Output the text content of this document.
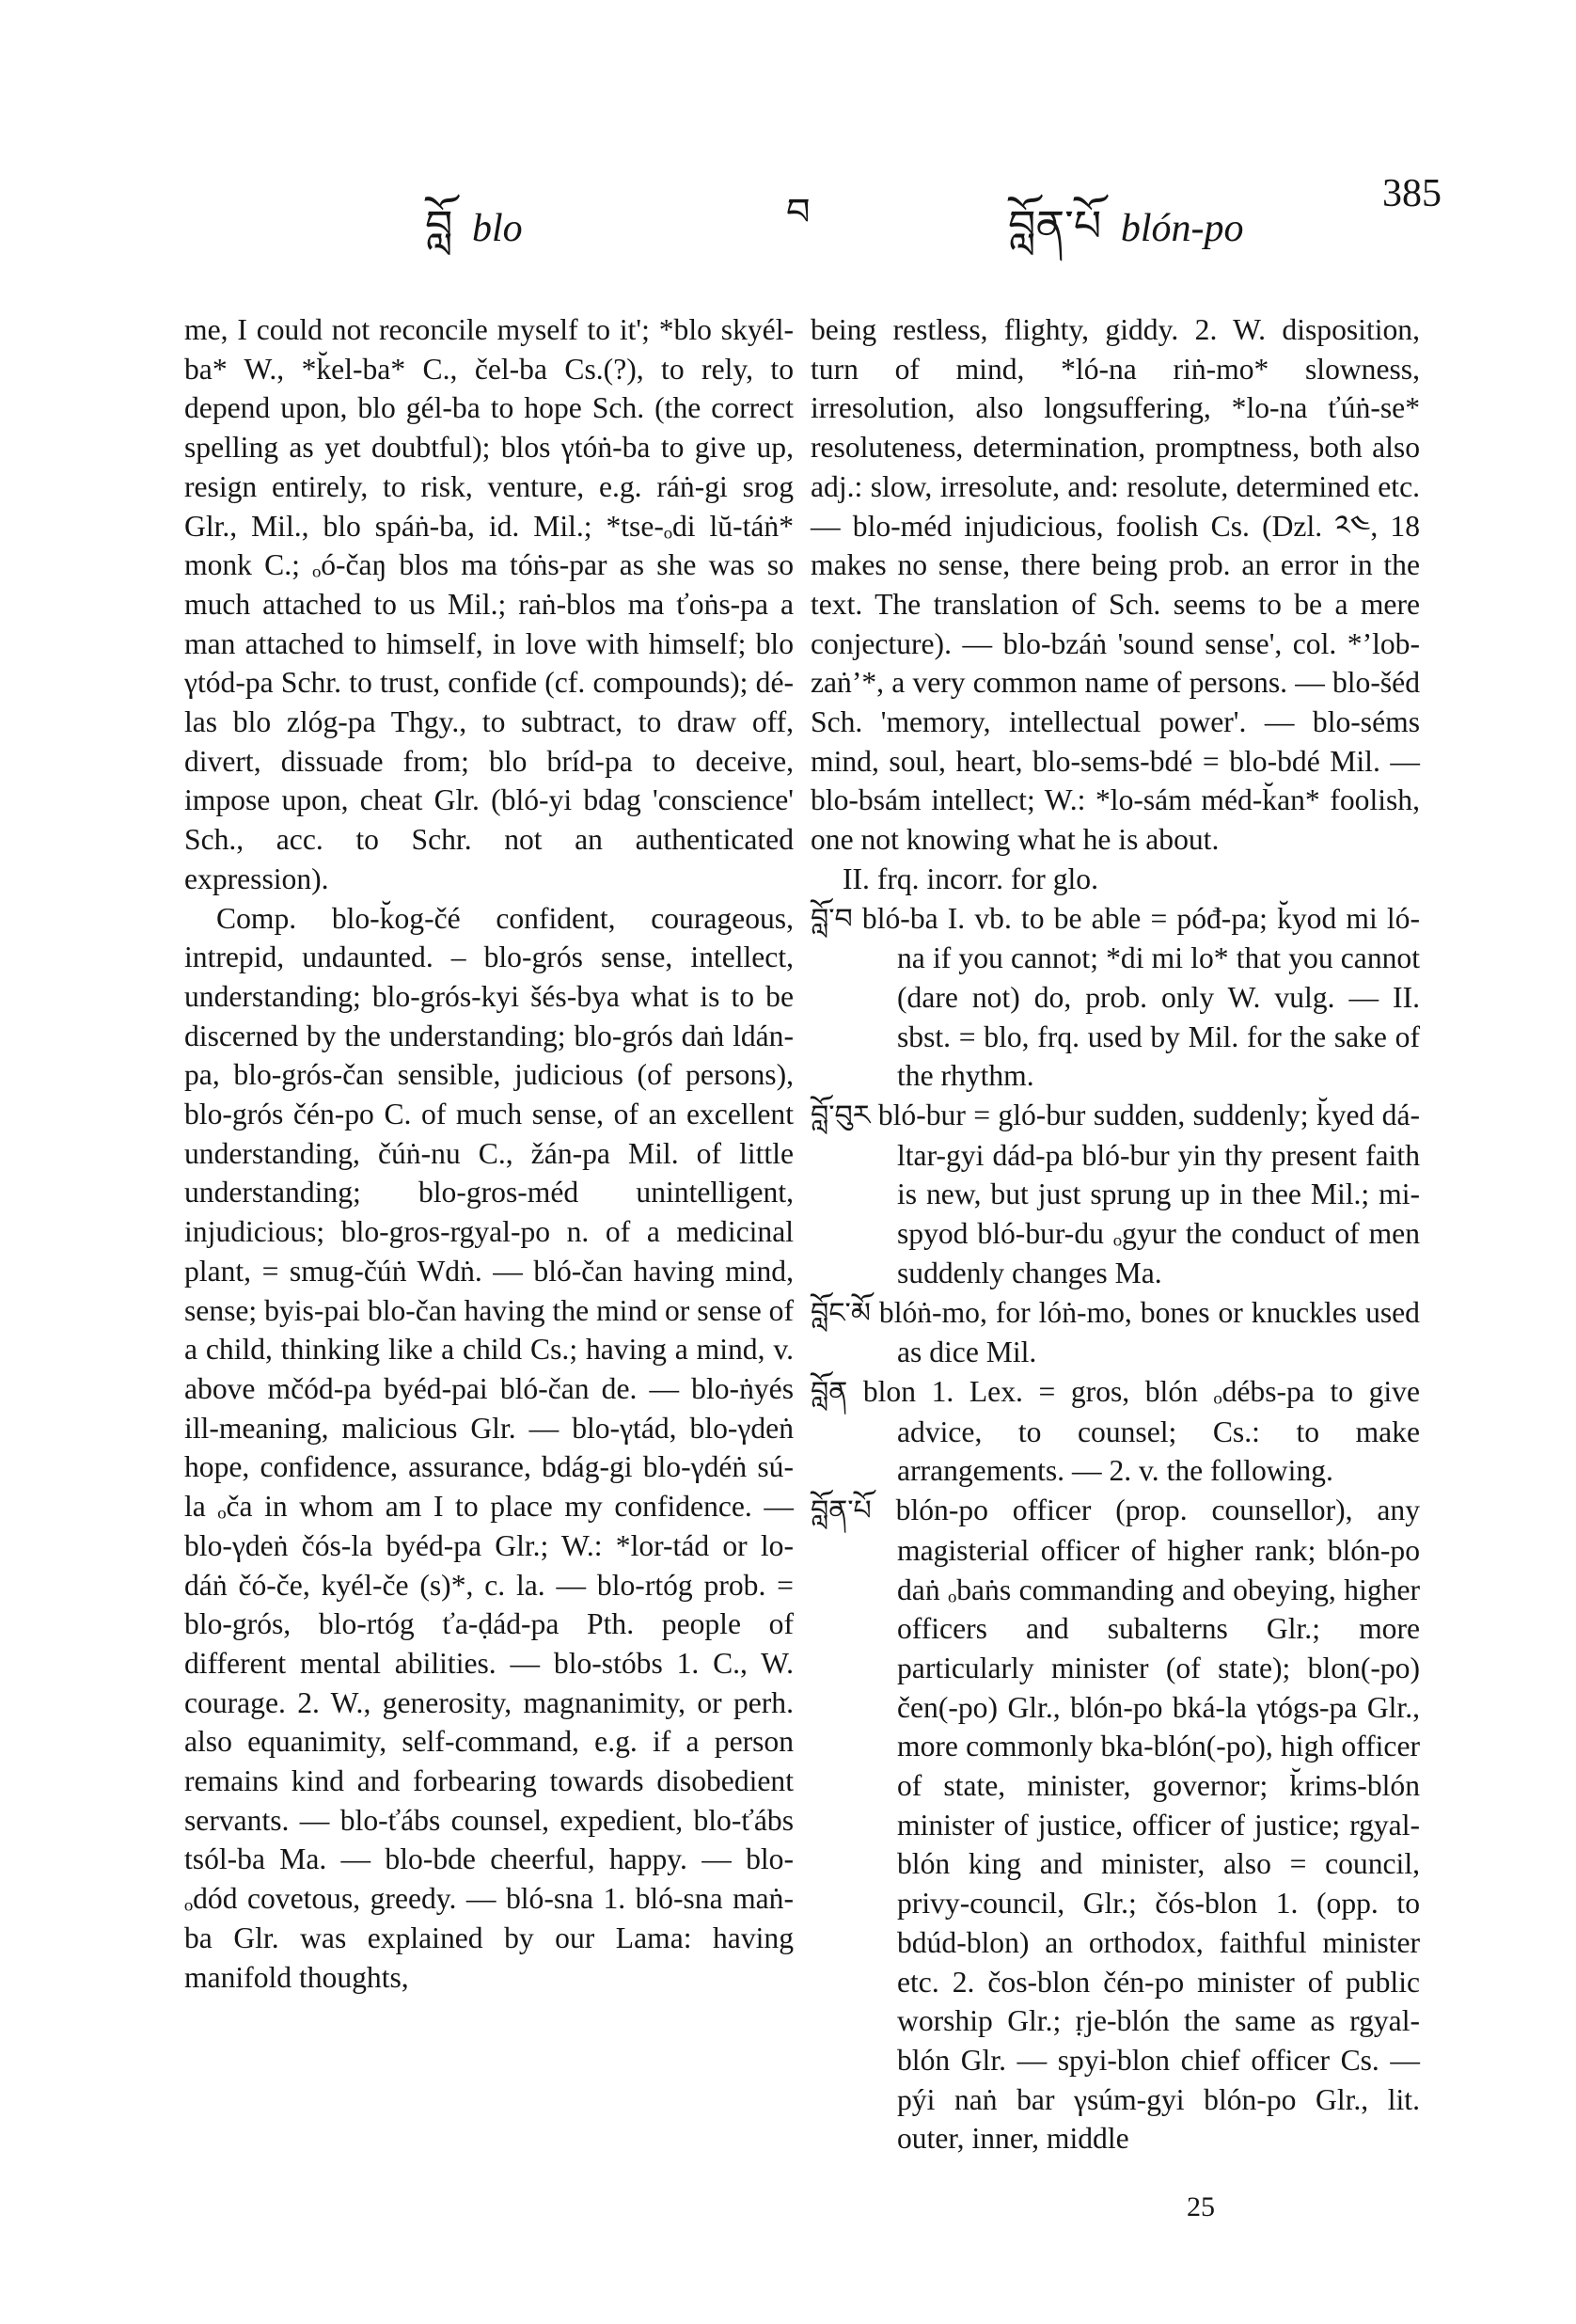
བློ blo	བ	བློན་པོ blón-po
385

me, I could not reconcile myself to it'; *blo skyél-ba* W., *k̆el-ba* C., čel-ba Cs.(?), to rely, to depend upon, blo gél-ba to hope Sch. (the correct spelling as yet doubtful); blos γtóṅ-ba to give up, resign entirely, to risk, venture, e.g. ráṅ-gi srog Glr., Mil., blo spáṅ-ba, id. Mil.; *tse-ₒdi lŭ-táṅ* monk C.; ₒó-čaŋ blos ma tóṅs-par as she was so much attached to us Mil.; raṅ-blos ma ťoṅs-pa a man attached to himself, in love with himself; blo γtód-pa Schr. to trust, confide (cf. compounds); dé-las blo zlóg-pa Thgy., to subtract, to draw off, divert, dissuade from; blo bríd-pa to deceive, impose upon, cheat Glr. (bló-yi bdag 'conscience' Sch., acc. to Schr. not an authenticated expression).

Comp. blo-k̆og-čé confident, courageous, intrepid, undaunted. – blo-grós sense, intellect, understanding; blo-grós-kyi šés-bya what is to be discerned by the understanding; blo-grós daṅ ldán-pa, blo-grós-čan sensible, judicious (of persons), blo-grós čén-po C. of much sense, of an excellent understanding, čúṅ-nu C., žán-pa Mil. of little understanding; blo-gros-méd unintelligent, injudicious; blo-gros-rgyal-po n. of a medicinal plant, = smug-čúṅ Wdṅ. — bló-čan having mind, sense; byis-pai blo-čan having the mind or sense of a child, thinking like a child Cs.; having a mind, v. above mčód-pa byéd-pai bló-čan de. — blo-ṅyés ill-meaning, malicious Glr. — blo-γtád, blo-γdeṅ hope, confidence, assurance, bdág-gi blo-γdéṅ sú-la ₒča in whom am I to place my confidence. — blo-γdeṅ čós-la byéd-pa Glr.; W.: *lor-tád or lo-dáṅ čó-če, kyél-če (s)*, c. la. — blo-rtóg prob. = blo-grós, blo-rtóg ťa-ḍád-pa Pth. people of different mental abilities. — blo-stóbs 1. C., W. courage. 2. W., generosity, magnanimity, or perh. also equanimity, self-command, e.g. if a person remains kind and forbearing towards disobedient servants. — blo-ťábs counsel, expedient, blo-ťábs tsól-ba Ma. — blo-bde cheerful, happy. — blo-ₒdód covetous, greedy. — bló-sna 1. bló-sna maṅ-ba Glr. was explained by our Lama: having manifold thoughts,

being restless, flighty, giddy. 2. W. disposition, turn of mind, *ló-na riṅ-mo* slowness, irresolution, also longsuffering, *lo-na ťúṅ-se* resoluteness, determination, promptness, both also adj.: slow, irresolute, and: resolute, determined etc. — blo-méd injudicious, foolish Cs. (Dzl. ༢༤, 18 makes no sense, there being prob. an error in the text. The translation of Sch. seems to be a mere conjecture). — blo-bzáṅ 'sound sense', col. *ʼlob-zaṅʼ*, a very common name of persons. — blo-šéd Sch. 'memory, intellectual power'. — blo-séms mind, soul, heart, blo-sems-bdé = blo-bdé Mil. — blo-bsám intellect; W.: *lo-sám méd-k̆an* foolish, one not knowing what he is about.

II. frq. incorr. for glo.

བློ་བ bló-ba I. vb. to be able = póđ-pa; k̆yod mi ló-na if you cannot; *di mi lo* that you cannot (dare not) do, prob. only W. vulg. — II. sbst. = blo, frq. used by Mil. for the sake of the rhythm.

བློ་བུར bló-bur = gló-bur sudden, suddenly; k̆yed dá-ltar-gyi dád-pa bló-bur yin thy present faith is new, but just sprung up in thee Mil.; mi-spyod bló-bur-du ₒgyur the conduct of men suddenly changes Ma.

བློང་མོ blóṅ-mo, for lóṅ-mo, bones or knuckles used as dice Mil.

བློན blon 1. Lex. = gros, blón ₒdébs-pa to give advice, to counsel; Cs.: to make arrangements. — 2. v. the following.

བློན་པོ blón-po officer (prop. counsellor), any magisterial officer of higher rank; blón-po daṅ ₒbaṅs commanding and obeying, higher officers and subalterns Glr.; more particularly minister (of state); blon(-po) čen(-po) Glr., blón-po bká-la γtógs-pa Glr., more commonly bka-blón(-po), high officer of state, minister, governor; k̆rims-blón minister of justice, officer of justice; rgyal-blón king and minister, also = council, privy-council, Glr.; čós-blon 1. (opp. to bdúd-blon) an orthodox, faithful minister etc. 2. čos-blon čén-po minister of public worship Glr.; ṛje-blón the same as rgyal-blón Glr. — spyi-blon chief officer Cs. — pýi naṅ bar γsúm-gyi blón-po Glr., lit. outer, inner, middle

25
